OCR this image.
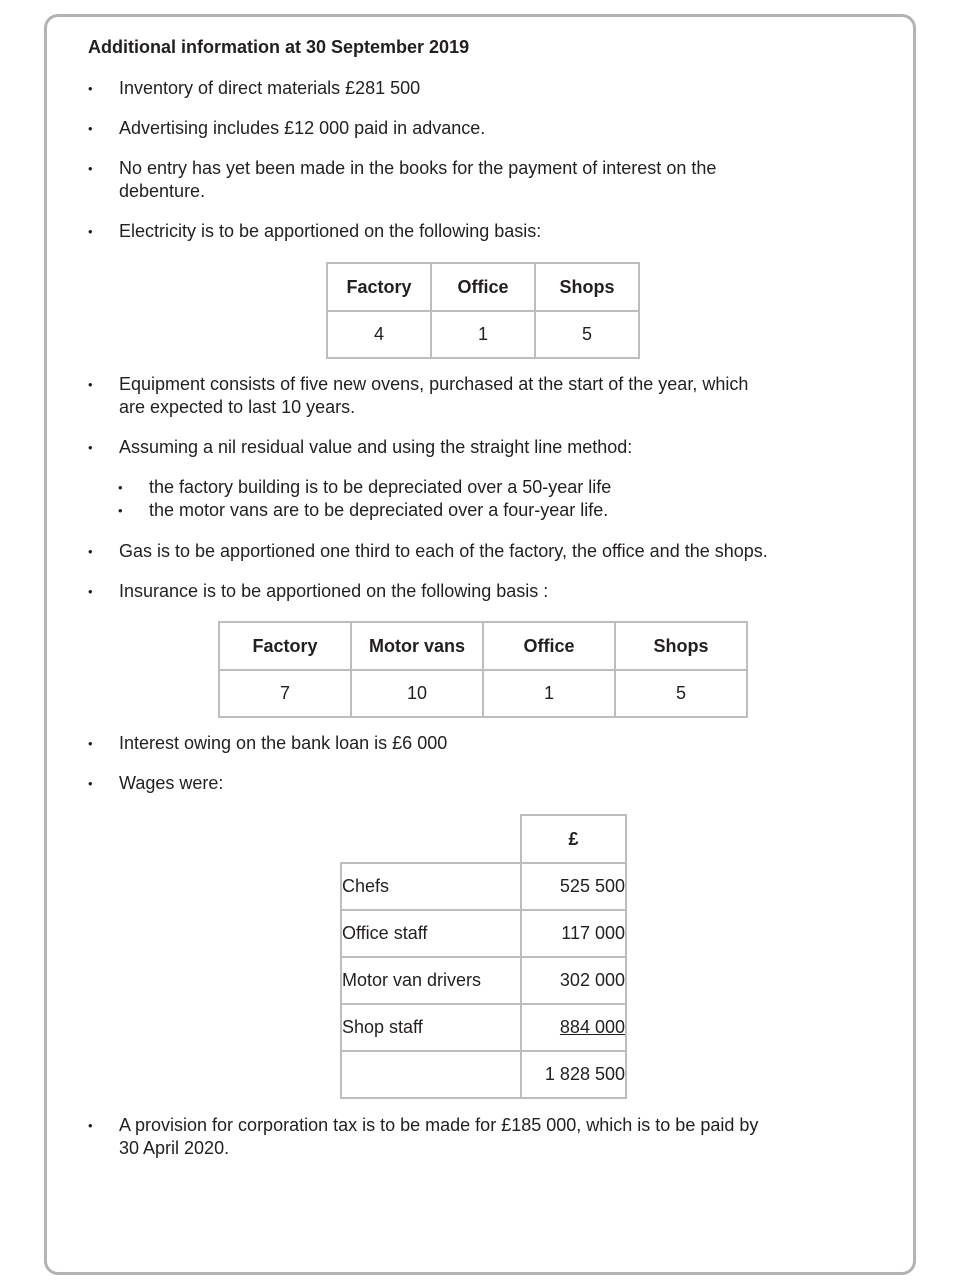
Additional information at 30 September 2019
•	Inventory of direct materials £281 500
•	Advertising includes £12 000 paid in advance.
•	No entry has yet been made in the books for the payment of interest on the
debenture.
•	Electricity is to be apportioned on the following basis:
Factory	Office	Shops
4	1	5
•	Equipment consists of five new ovens, purchased at the start of the year, which
are expected to last 10 years.
•	Assuming a nil residual value and using the straight line method:
• the factory building is to be depreciated over a 50-year life
• the motor vans are to be depreciated over a four-year life.
•	Gas is to be apportioned one third to each of the factory, the office and the shops.
•	Insurance is to be apportioned on the following basis :
Factory	Motor vans	Office	Shops
7	10	1	5
•	Interest owing on the bank loan is £6 000
•	Wages were:
	£
Chefs	525 500
Office staff	117 000
Motor van drivers	302 000
Shop staff	884 000
	1 828 500
•	A provision for corporation tax is to be made for £185 000, which is to be paid by
30 April 2020.
